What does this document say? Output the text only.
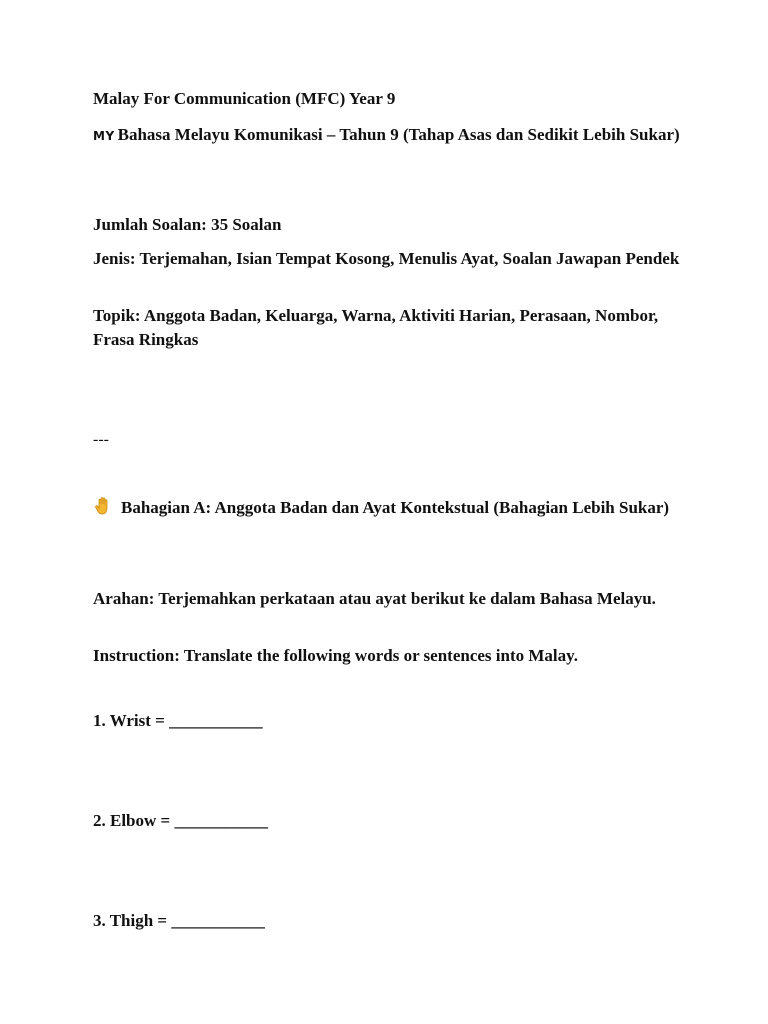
Malay For Communication (MFC) Year 9

MY Bahasa Melayu Komunikasi – Tahun 9 (Tahap Asas dan Sedikit Lebih Sukar)

Jumlah Soalan: 35 Soalan

Jenis: Terjemahan, Isian Tempat Kosong, Menulis Ayat, Soalan Jawapan Pendek

Topik: Anggota Badan, Keluarga, Warna, Aktiviti Harian, Perasaan, Nombor, Frasa Ringkas

---

Bahagian A: Anggota Badan dan Ayat Kontekstual (Bahagian Lebih Sukar)

Arahan: Terjemahkan perkataan atau ayat berikut ke dalam Bahasa Melayu.

Instruction: Translate the following words or sentences into Malay.

1. Wrist = ___________

2. Elbow = ___________

3. Thigh = ___________
